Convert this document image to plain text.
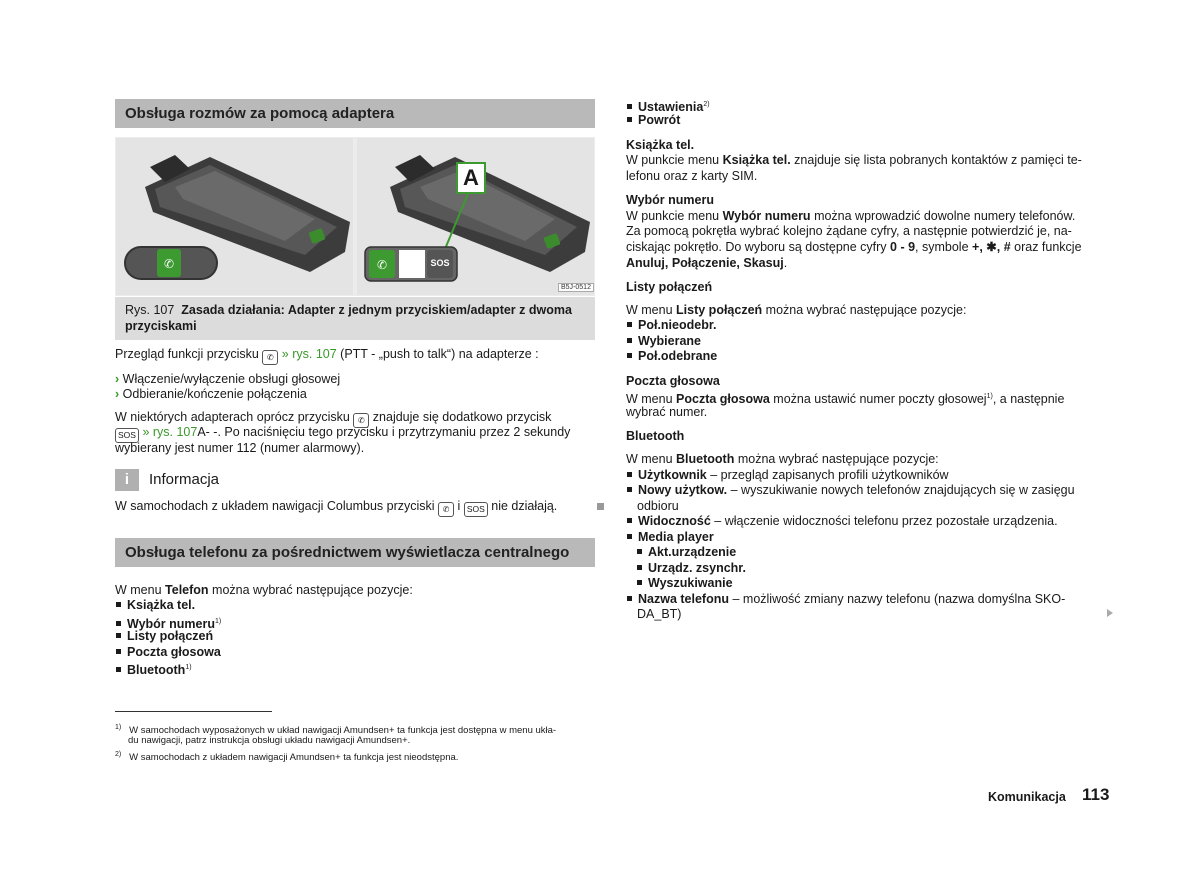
Obsługa rozmów za pomocą adaptera
✆	✆
A
SOS
B5J-0512
Rys. 107 Zasada działania: Adapter z jednym przyciskiem/adapter z dwoma
przyciskami
Przegląd funkcji przycisku ✆ » rys. 107 (PTT - „push to talk“) na adapterze :
› Włączenie/wyłączenie obsługi głosowej
› Odbieranie/kończenie połączenia
W niektórych adapterach oprócz przycisku ✆ znajduje się dodatkowo przycisk
SOS » rys. 107A- -. Po naciśnięciu tego przycisku i przytrzymaniu przez 2 sekundy
wybierany jest numer 112 (numer alarmowy).
i	Informacja
W samochodach z układem nawigacji Columbus przyciski ✆ i SOS nie działają.
Obsługa telefonu za pośrednictwem wyświetlacza centralnego
W menu Telefon można wybrać następujące pozycje:
Książka tel.
Wybór numeru$^{1)}$
Listy połączeń
Poczta głosowa
Bluetooth$^{1)}$
$^{1)}$ W samochodach wyposażonych w układ nawigacji Amundsen+ ta funkcja jest dostępna w menu ukła-
du nawigacji, patrz instrukcja obsługi układu nawigacji Amundsen+.
$^{2)}$ W samochodach z układem nawigacji Amundsen+ ta funkcja jest nieodstępna.
Ustawienia$^{2)}$
Powrót
Książka tel.
W punkcie menu Książka tel. znajduje się lista pobranych kontaktów z pamięci te-
lefonu oraz z karty SIM.
Wybór numeru
W punkcie menu Wybór numeru można wprowadzić dowolne numery telefonów.
Za pomocą pokrętła wybrać kolejno żądane cyfry, a następnie potwierdzić je, na-
ciskając pokrętło. Do wyboru są dostępne cyfry 0 - 9, symbole +, ✱, # oraz funkcje
Anuluj, Połączenie, Skasuj.
Listy połączeń
W menu Listy połączeń można wybrać następujące pozycje:
Poł.nieodebr.
Wybierane
Poł.odebrane
Poczta głosowa
W menu Poczta głosowa można ustawić numer poczty głosowej$^{1)}$, a następnie
wybrać numer.
Bluetooth
W menu Bluetooth można wybrać następujące pozycje:
Użytkownik – przegląd zapisanych profili użytkowników
Nowy użytkow. – wyszukiwanie nowych telefonów znajdujących się w zasięgu
odbioru
Widoczność – włączenie widoczności telefonu przez pozostałe urządzenia.
Media player
Akt.urządzenie
Urządz. zsynchr.
Wyszukiwanie
Nazwa telefonu – możliwość zmiany nazwy telefonu (nazwa domyślna SKO-
DA_BT)
Komunikacja 113
